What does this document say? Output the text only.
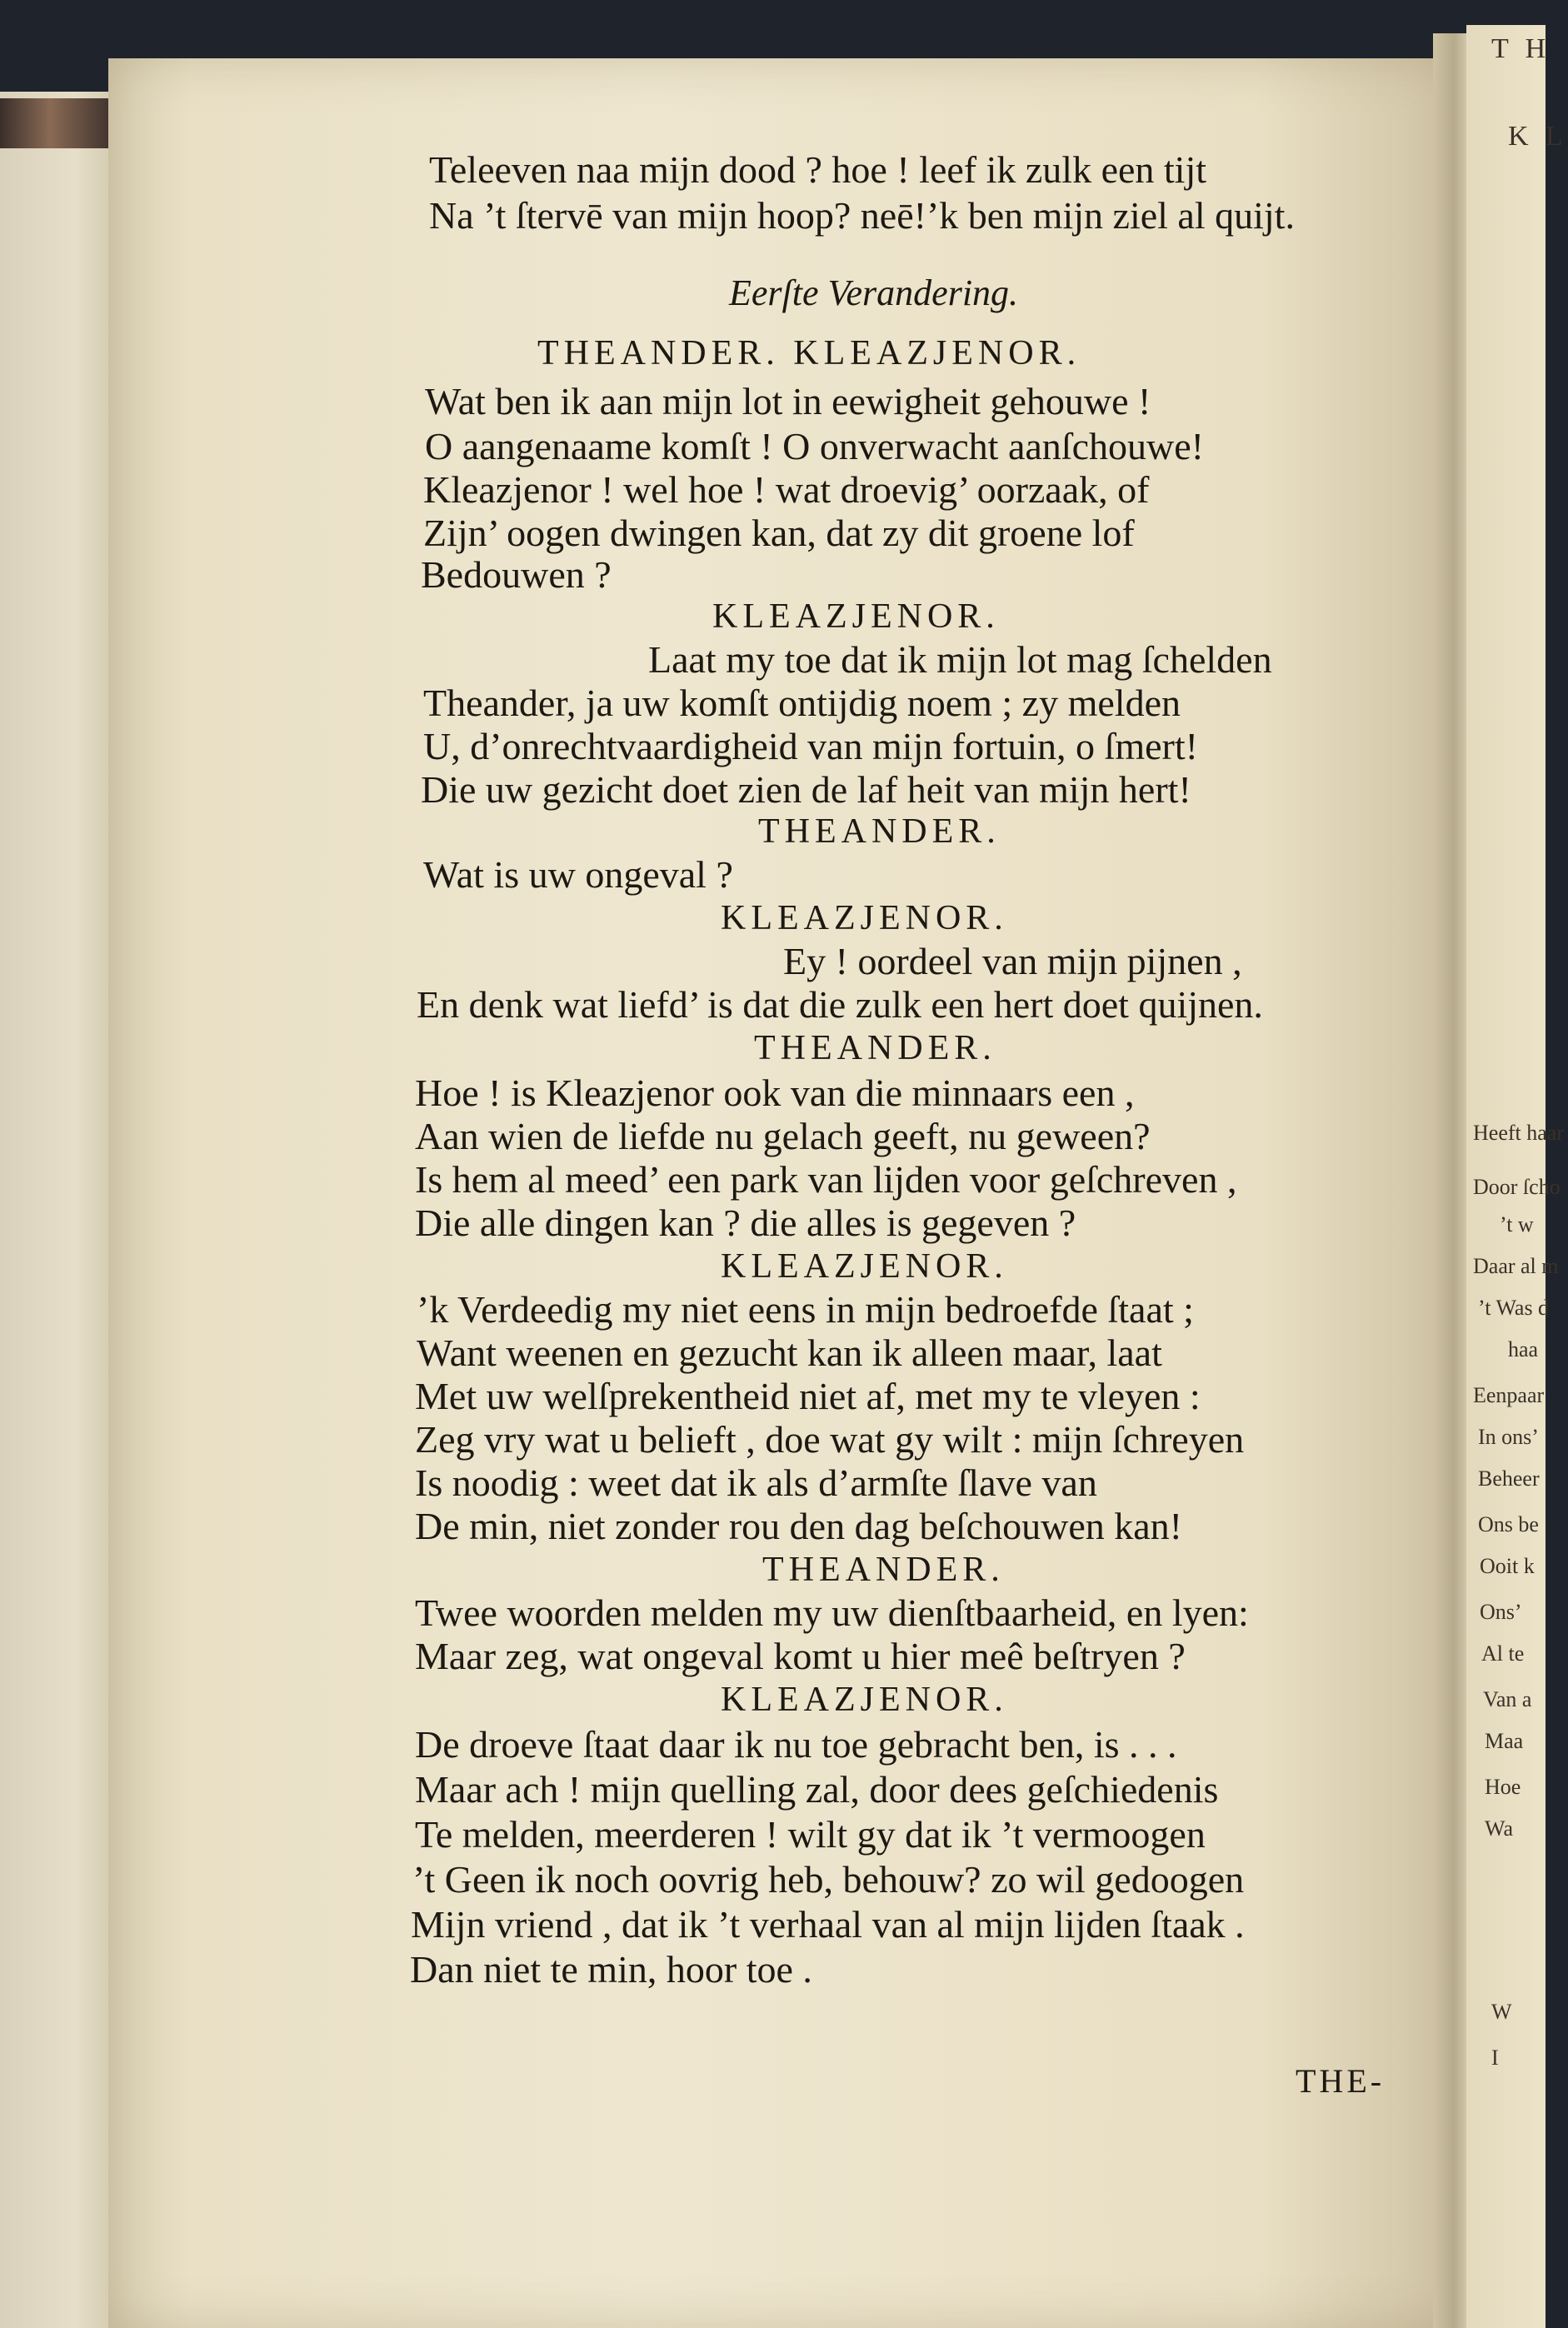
T H
K L
Heeft haar
Door ſcho
’t w
Daar al m
’t Was d
haa
Eenpaar
In ons’
Beheer
Ons be
Ooit k
Ons’
Al te
Van a
Maa
Hoe
Wa
W
I
Teleeven naa mijn dood ? hoe ! leef ik zulk een tijt
Na ’t ſtervē van mijn hoop? neē!’k ben mijn ziel al quijt.
Eerſte Verandering.
THEANDER. KLEAZJENOR.
Wat ben ik aan mijn lot in eewigheit gehouwe !
O aangenaame komſt ! O onverwacht aanſchouwe!
Kleazjenor ! wel hoe ! wat droevig’ oorzaak, of
Zijn’ oogen dwingen kan, dat zy dit groene lof
Bedouwen ?
KLEAZJENOR.
Laat my toe dat ik mijn lot mag ſchelden
Theander, ja uw komſt ontijdig noem ; zy melden
U, d’onrechtvaardigheid van mijn fortuin, o ſmert!
Die uw gezicht doet zien de laf heit van mijn hert!
THEANDER.
Wat is uw ongeval ?
KLEAZJENOR.
Ey ! oordeel van mijn pijnen ,
En denk wat liefd’ is dat die zulk een hert doet quijnen.
THEANDER.
Hoe ! is Kleazjenor ook van die minnaars een ,
Aan wien de liefde nu gelach geeft, nu geween?
Is hem al meed’ een park van lijden voor geſchreven ,
Die alle dingen kan ? die alles is gegeven ?
KLEAZJENOR.
’k Verdeedig my niet eens in mijn bedroefde ſtaat ;
Want weenen en gezucht kan ik alleen maar, laat
Met uw welſprekentheid niet af, met my te vleyen :
Zeg vry wat u belieft , doe wat gy wilt : mijn ſchreyen
Is noodig : weet dat ik als d’armſte ſlave van
De min, niet zonder rou den dag beſchouwen kan!
THEANDER.
Twee woorden melden my uw dienſtbaarheid, en lyen:
Maar zeg, wat ongeval komt u hier meê beſtryen ?
KLEAZJENOR.
De droeve ſtaat daar ik nu toe gebracht ben, is . . .
Maar ach ! mijn quelling zal, door dees geſchiedenis
Te melden, meerderen ! wilt gy dat ik ’t vermoogen
’t Geen ik noch oovrig heb, behouw? zo wil gedoogen
Mijn vriend , dat ik ’t verhaal van al mijn lijden ſtaak .
Dan niet te min, hoor toe .
THE-
